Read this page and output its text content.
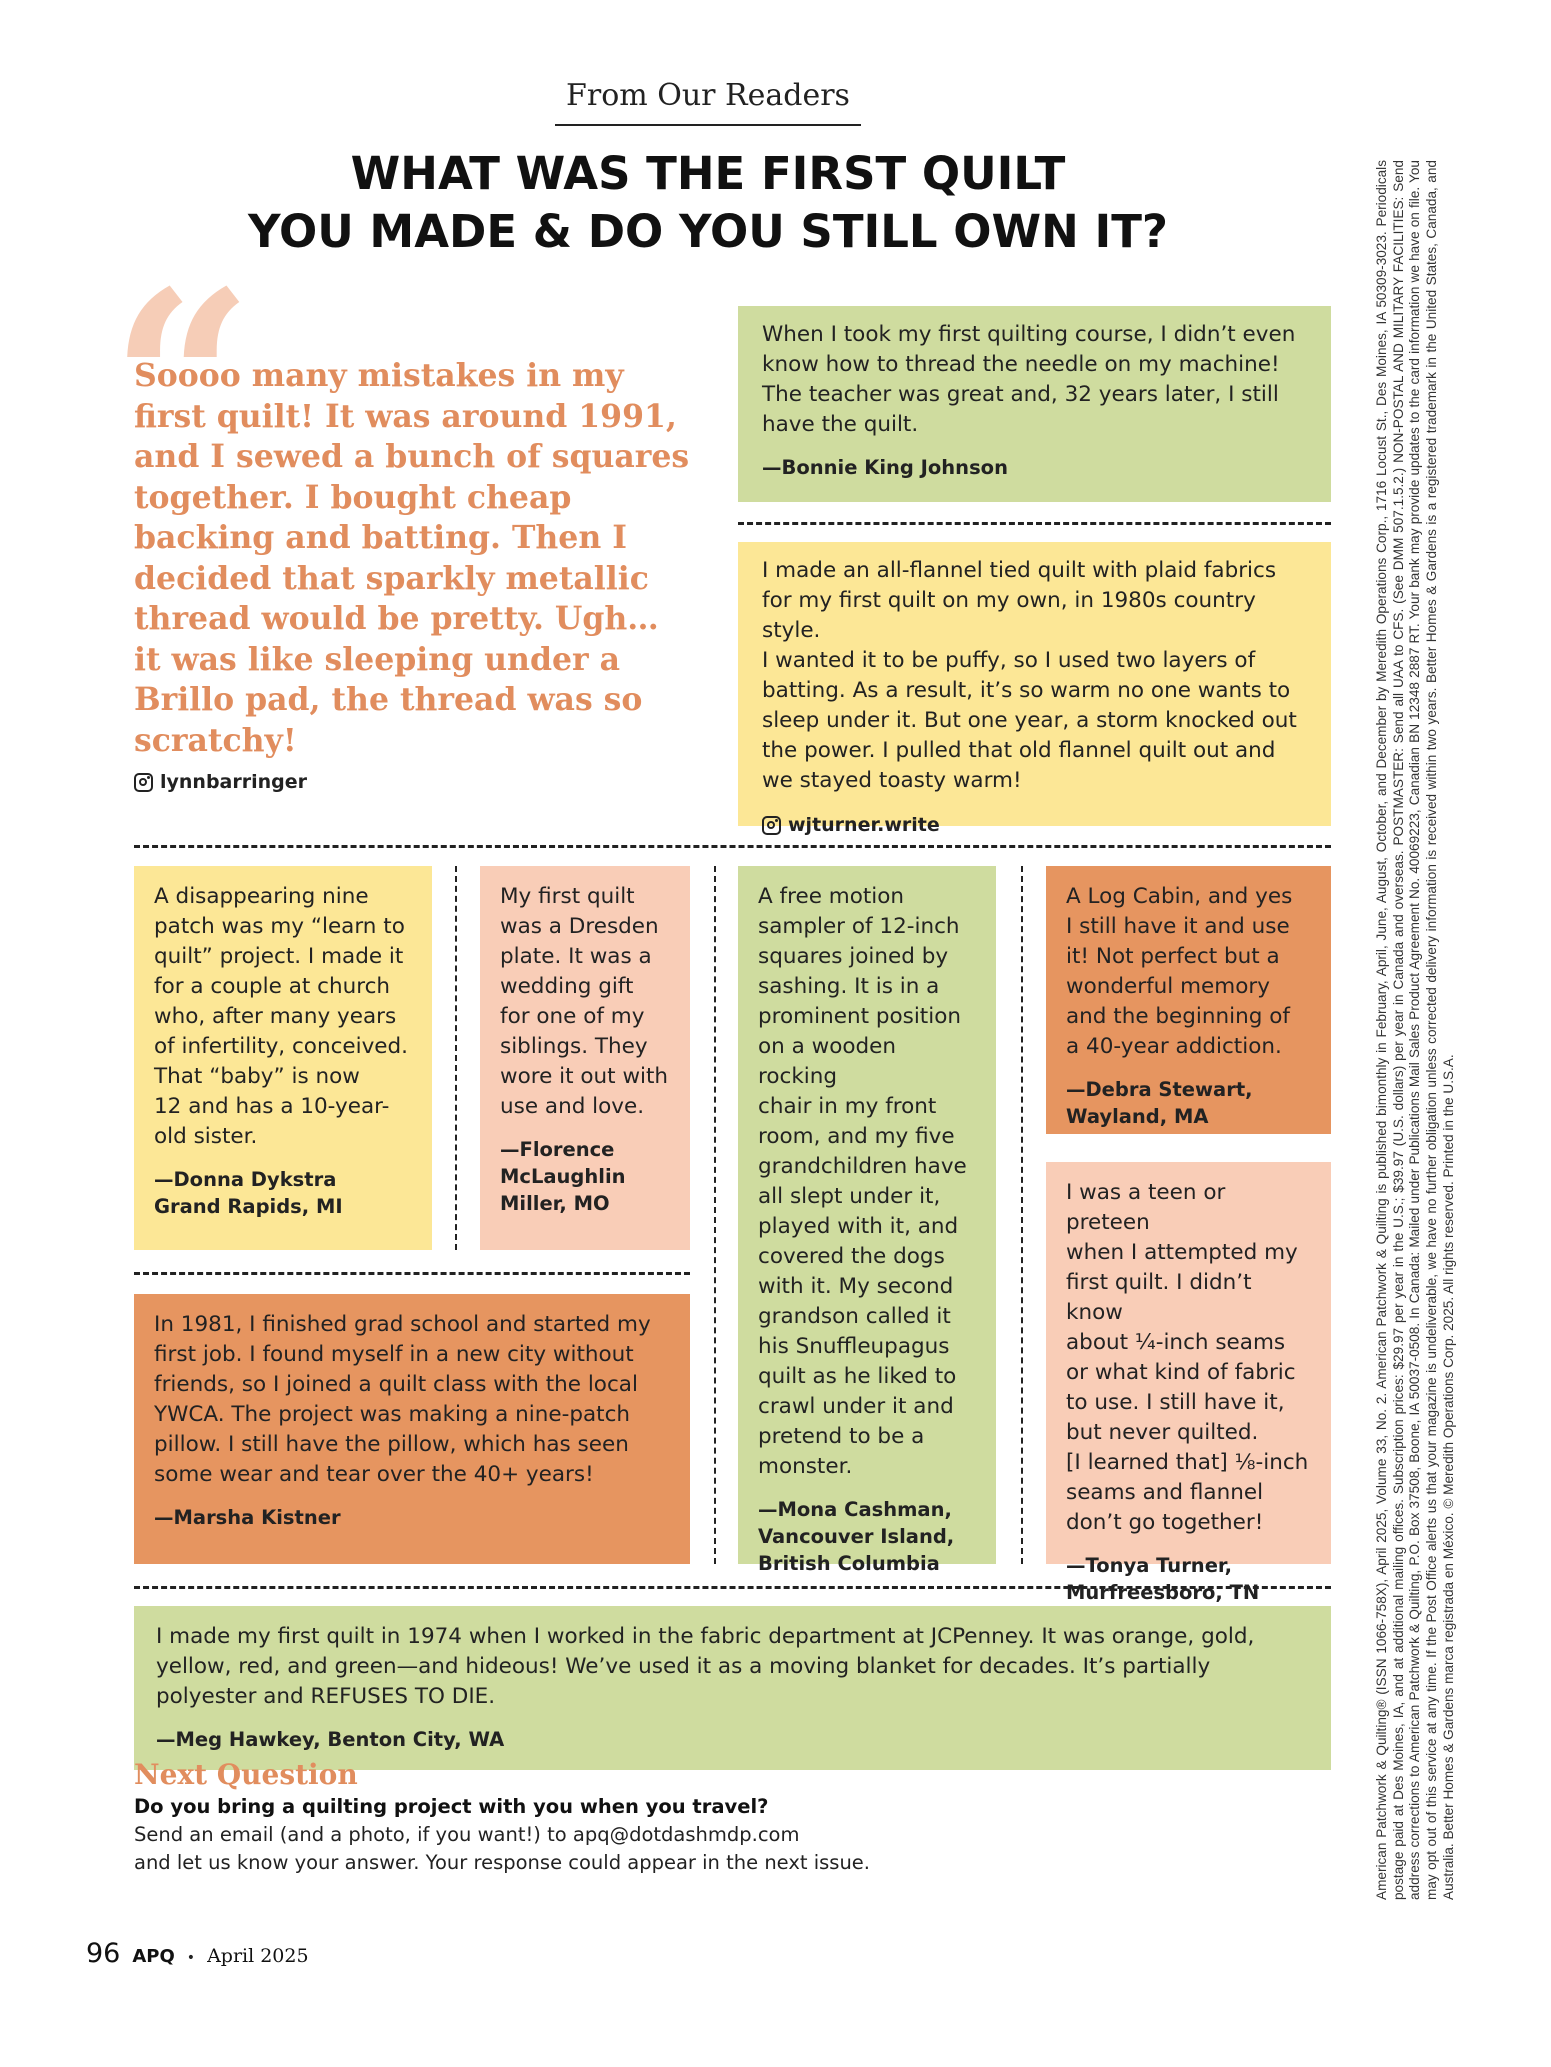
From Our Readers
WHAT WAS THE FIRST QUILT
YOU MADE & DO YOU STILL OWN IT?
“
Soooo many mistakes in my first quilt! It was around 1991, and I sewed a bunch of squares together. I bought cheap backing and batting. Then I decided that sparkly metallic thread would be pretty. Ugh… it was like sleeping under a Brillo pad, the thread was so scratchy!
lynnbarringer
When I took my first quilting course, I didn’t even
know how to thread the needle on my machine!
The teacher was great and, 32 years later, I still
have the quilt.
—Bonnie King Johnson
I made an all-flannel tied quilt with plaid fabrics
for my first quilt on my own, in 1980s country style.
I wanted it to be puffy, so I used two layers of
batting. As a result, it’s so warm no one wants to
sleep under it. But one year, a storm knocked out
the power. I pulled that old flannel quilt out and
we stayed toasty warm!
wjturner.write
A disappearing nine
patch was my “learn to
quilt” project. I made it
for a couple at church
who, after many years
of infertility, conceived.
That “baby” is now
12 and has a 10-year-
old sister.
—Donna Dykstra
Grand Rapids, MI
My first quilt
was a Dresden
plate. It was a
wedding gift
for one of my
siblings. They
wore it out with
use and love.
—Florence
McLaughlin
Miller, MO
A free motion
sampler of 12-inch
squares joined by
sashing. It is in a
prominent position
on a wooden rocking
chair in my front
room, and my five
grandchildren have
all slept under it,
played with it, and
covered the dogs
with it. My second
grandson called it
his Snuffleupagus
quilt as he liked to
crawl under it and
pretend to be a
monster.
—Mona Cashman,
Vancouver Island,
British Columbia
A Log Cabin, and yes
I still have it and use
it! Not perfect but a
wonderful memory
and the beginning of
a 40-year addiction.
—Debra Stewart,
Wayland, MA
I was a teen or preteen
when I attempted my
first quilt. I didn’t know
about ¼-inch seams
or what kind of fabric
to use. I still have it,
but never quilted.
[I learned that] ⅛-inch
seams and flannel
don’t go together!
—Tonya Turner,
Murfreesboro, TN
In 1981, I finished grad school and started my
first job. I found myself in a new city without
friends, so I joined a quilt class with the local
YWCA. The project was making a nine-patch
pillow. I still have the pillow, which has seen
some wear and tear over the 40+ years!
—Marsha Kistner
I made my first quilt in 1974 when I worked in the fabric department at JCPenney. It was orange, gold,
yellow, red, and green—and hideous! We’ve used it as a moving blanket for decades. It’s partially
polyester and REFUSES TO DIE.
—Meg Hawkey, Benton City, WA
Next Question
Do you bring a quilting project with you when you travel?
Send an email (and a photo, if you want!) to apq@dotdashmdp.com
and let us know your answer. Your response could appear in the next issue.
96 APQ • April 2025
American Patchwork & Quilting® (ISSN 1066-758X), April 2025, Volume 33, No. 2. American Patchwork & Quilting is published bimonthly in February, April, June, August, October, and December by Meredith Operations Corp., 1716 Locust St., Des Moines, IA 50309-3023. Periodicals postage paid at Des Moines, IA, and at additional mailing offices. Subscription prices: $29.97 per year in the U.S.; $39.97 (U.S. dollars) per year in Canada and overseas. POSTMASTER: Send all UAA to CFS. (See DMM 507.1.5.2.) NON-POSTAL AND MILITARY FACILITIES: Send address corrections to American Patchwork & Quilting, P.O. Box 37508, Boone, IA 50037-0508. In Canada: Mailed under Publications Mail Sales Product Agreement No. 40069223, Canadian BN 12348 2887 RT. Your bank may provide updates to the card information we have on file. You may opt out of this service at any time. If the Post Office alerts us that your magazine is undeliverable, we have no further obligation unless corrected delivery information is received within two years. Better Homes & Gardens is a registered trademark in the United States, Canada, and Australia. Better Homes & Gardens marca registrada en México. © Meredith Operations Corp. 2025. All rights reserved. Printed in the U.S.A.
